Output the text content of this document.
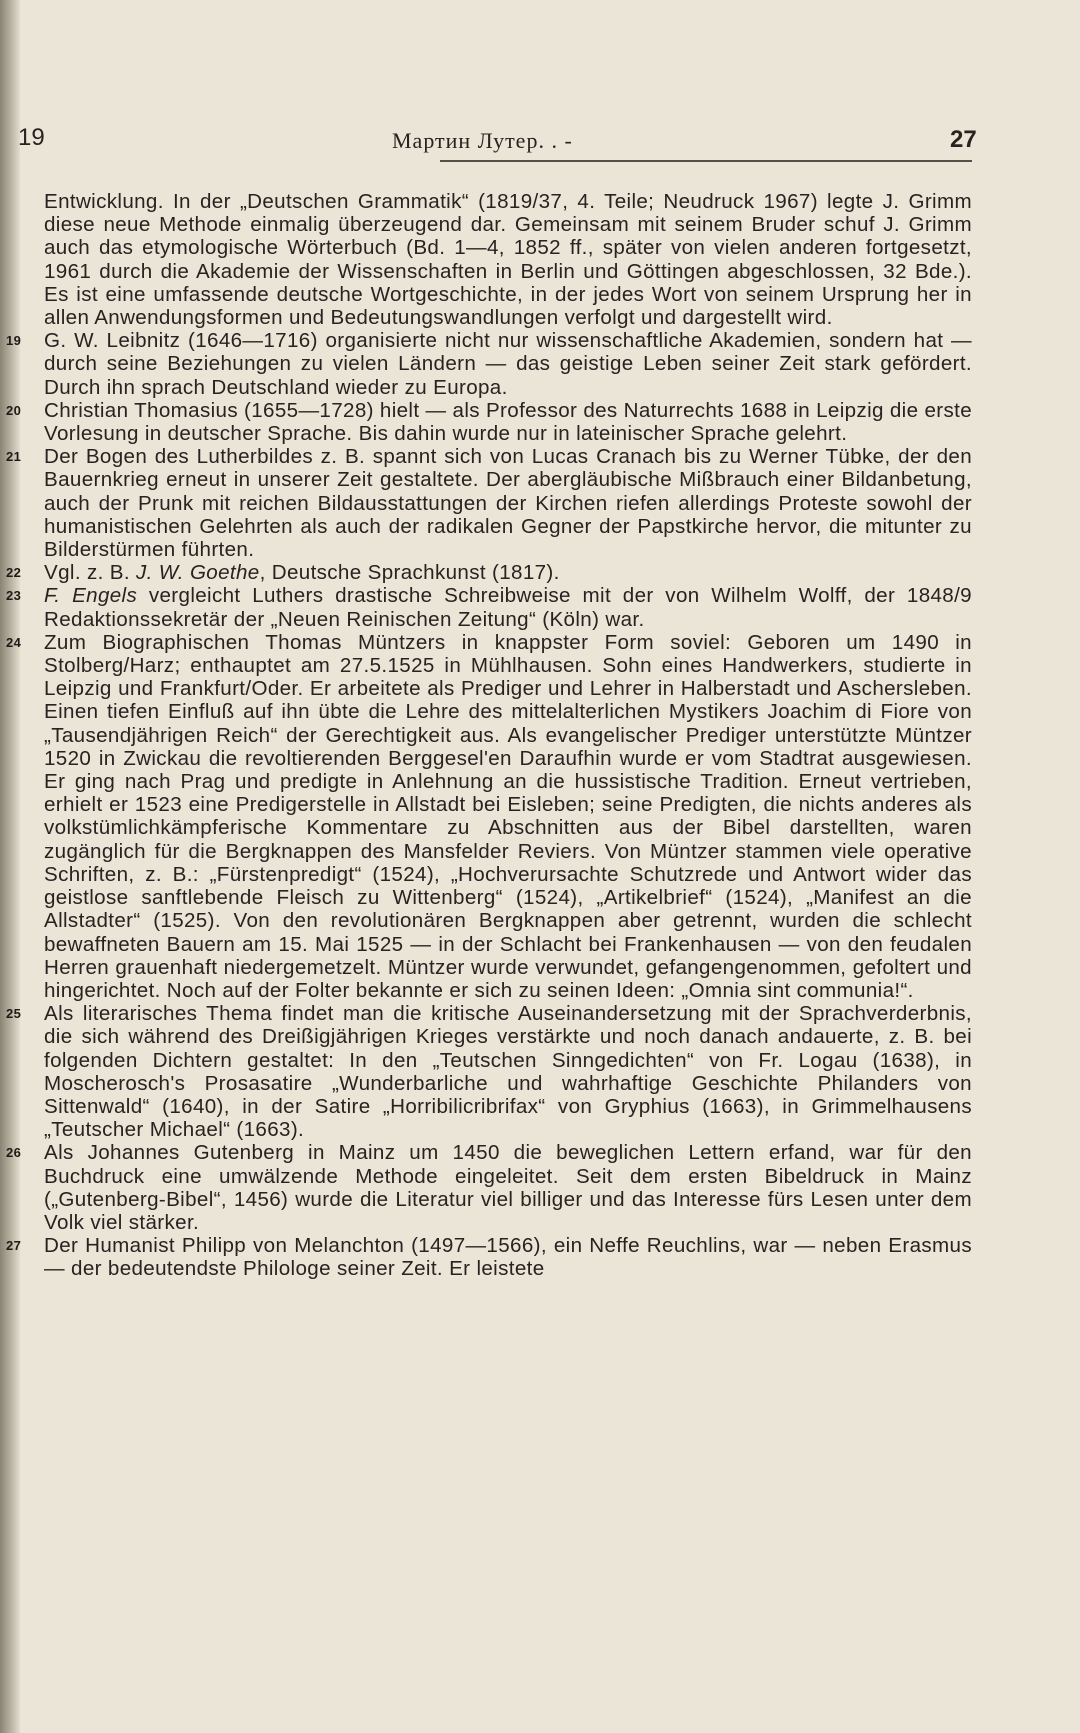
19	Мартин Лутер. . -	27

Entwicklung. In der „Deutschen Grammatik“ (1819/37, 4. Teile; Neudruck 1967) legte J. Grimm diese neue Methode einmalig überzeugend dar. Gemeinsam mit seinem Bruder schuf J. Grimm auch das etymologische Wörterbuch (Bd. 1—4, 1852 ff., später von vielen anderen fortgesetzt, 1961 durch die Akademie der Wissenschaften in Berlin und Göttingen abgeschlossen, 32 Bde.). Es ist eine umfassende deutsche Wortgeschichte, in der jedes Wort von seinem Ursprung her in allen Anwendungsformen und Bedeutungswandlungen verfolgt und dargestellt wird.

19 G. W. Leibnitz (1646—1716) organisierte nicht nur wissenschaftliche Akademien, sondern hat — durch seine Beziehungen zu vielen Ländern — das geistige Leben seiner Zeit stark gefördert. Durch ihn sprach Deutschland wieder zu Europa.

20 Christian Thomasius (1655—1728) hielt — als Professor des Naturrechts 1688 in Leipzig die erste Vorlesung in deutscher Sprache. Bis dahin wurde nur in lateinischer Sprache gelehrt.

21 Der Bogen des Lutherbildes z. B. spannt sich von Lucas Cranach bis zu Werner Tübke, der den Bauernkrieg erneut in unserer Zeit gestaltete. Der abergläubische Mißbrauch einer Bildanbetung, auch der Prunk mit reichen Bildausstattungen der Kirchen riefen allerdings Proteste sowohl der humanistischen Gelehrten als auch der radikalen Gegner der Papstkirche hervor, die mitunter zu Bilderstürmen führten.

22 Vgl. z. B. J. W. Goethe, Deutsche Sprachkunst (1817).

23 F. Engels vergleicht Luthers drastische Schreibweise mit der von Wilhelm Wolff, der 1848/9 Redaktionssekretär der „Neuen Reinischen Zeitung“ (Köln) war.

24 Zum Biographischen Thomas Müntzers in knappster Form soviel: Geboren um 1490 in Stolberg/Harz; enthauptet am 27.5.1525 in Mühlhausen. Sohn eines Handwerkers, studierte in Leipzig und Frankfurt/Oder. Er arbeitete als Prediger und Lehrer in Halberstadt und Aschersleben. Einen tiefen Einfluß auf ihn übte die Lehre des mittelalterlichen Mystikers Joachim di Fiore von „Tausendjährigen Reich“ der Gerechtigkeit aus. Als evangelischer Prediger unterstützte Müntzer 1520 in Zwickau die revoltierenden Berggesel'en Daraufhin wurde er vom Stadtrat ausgewiesen. Er ging nach Prag und predigte in Anlehnung an die hussistische Tradition. Erneut vertrieben, erhielt er 1523 eine Predigerstelle in Allstadt bei Eisleben; seine Predigten, die nichts anderes als volkstümlichkämpferische Kommentare zu Abschnitten aus der Bibel darstellten, waren zugänglich für die Bergknappen des Mansfelder Reviers. Von Müntzer stammen viele operative Schriften, z. B.: „Fürstenpredigt“ (1524), „Hochverursachte Schutzrede und Antwort wider das geistlose sanftlebende Fleisch zu Wittenberg“ (1524), „Artikelbrief“ (1524), „Manifest an die Allstadter“ (1525). Von den revolutionären Bergknappen aber getrennt, wurden die schlecht bewaffneten Bauern am 15. Mai 1525 — in der Schlacht bei Frankenhausen — von den feudalen Herren grauenhaft niedergemetzelt. Müntzer wurde verwundet, gefangengenommen, gefoltert und hingerichtet. Noch auf der Folter bekannte er sich zu seinen Ideen: „Omnia sint communia!“.

25 Als literarisches Thema findet man die kritische Auseinandersetzung mit der Sprachverderbnis, die sich während des Dreißigjährigen Krieges verstärkte und noch danach andauerte, z. B. bei folgenden Dichtern gestaltet: In den „Teutschen Sinngedichten“ von Fr. Logau (1638), in Moscherosch's Prosasatire „Wunderbarliche und wahrhaftige Geschichte Philanders von Sittenwald“ (1640), in der Satire „Horribilicribrifax“ von Gryphius (1663), in Grimmelhausens „Teutscher Michael“ (1663).

26 Als Johannes Gutenberg in Mainz um 1450 die beweglichen Lettern erfand, war für den Buchdruck eine umwälzende Methode eingeleitet. Seit dem ersten Bibeldruck in Mainz („Gutenberg-Bibel“, 1456) wurde die Literatur viel billiger und das Interesse fürs Lesen unter dem Volk viel stärker.

27 Der Humanist Philipp von Melanchton (1497—1566), ein Neffe Reuchlins, war — neben Erasmus — der bedeutendste Philologe seiner Zeit. Er leistete
